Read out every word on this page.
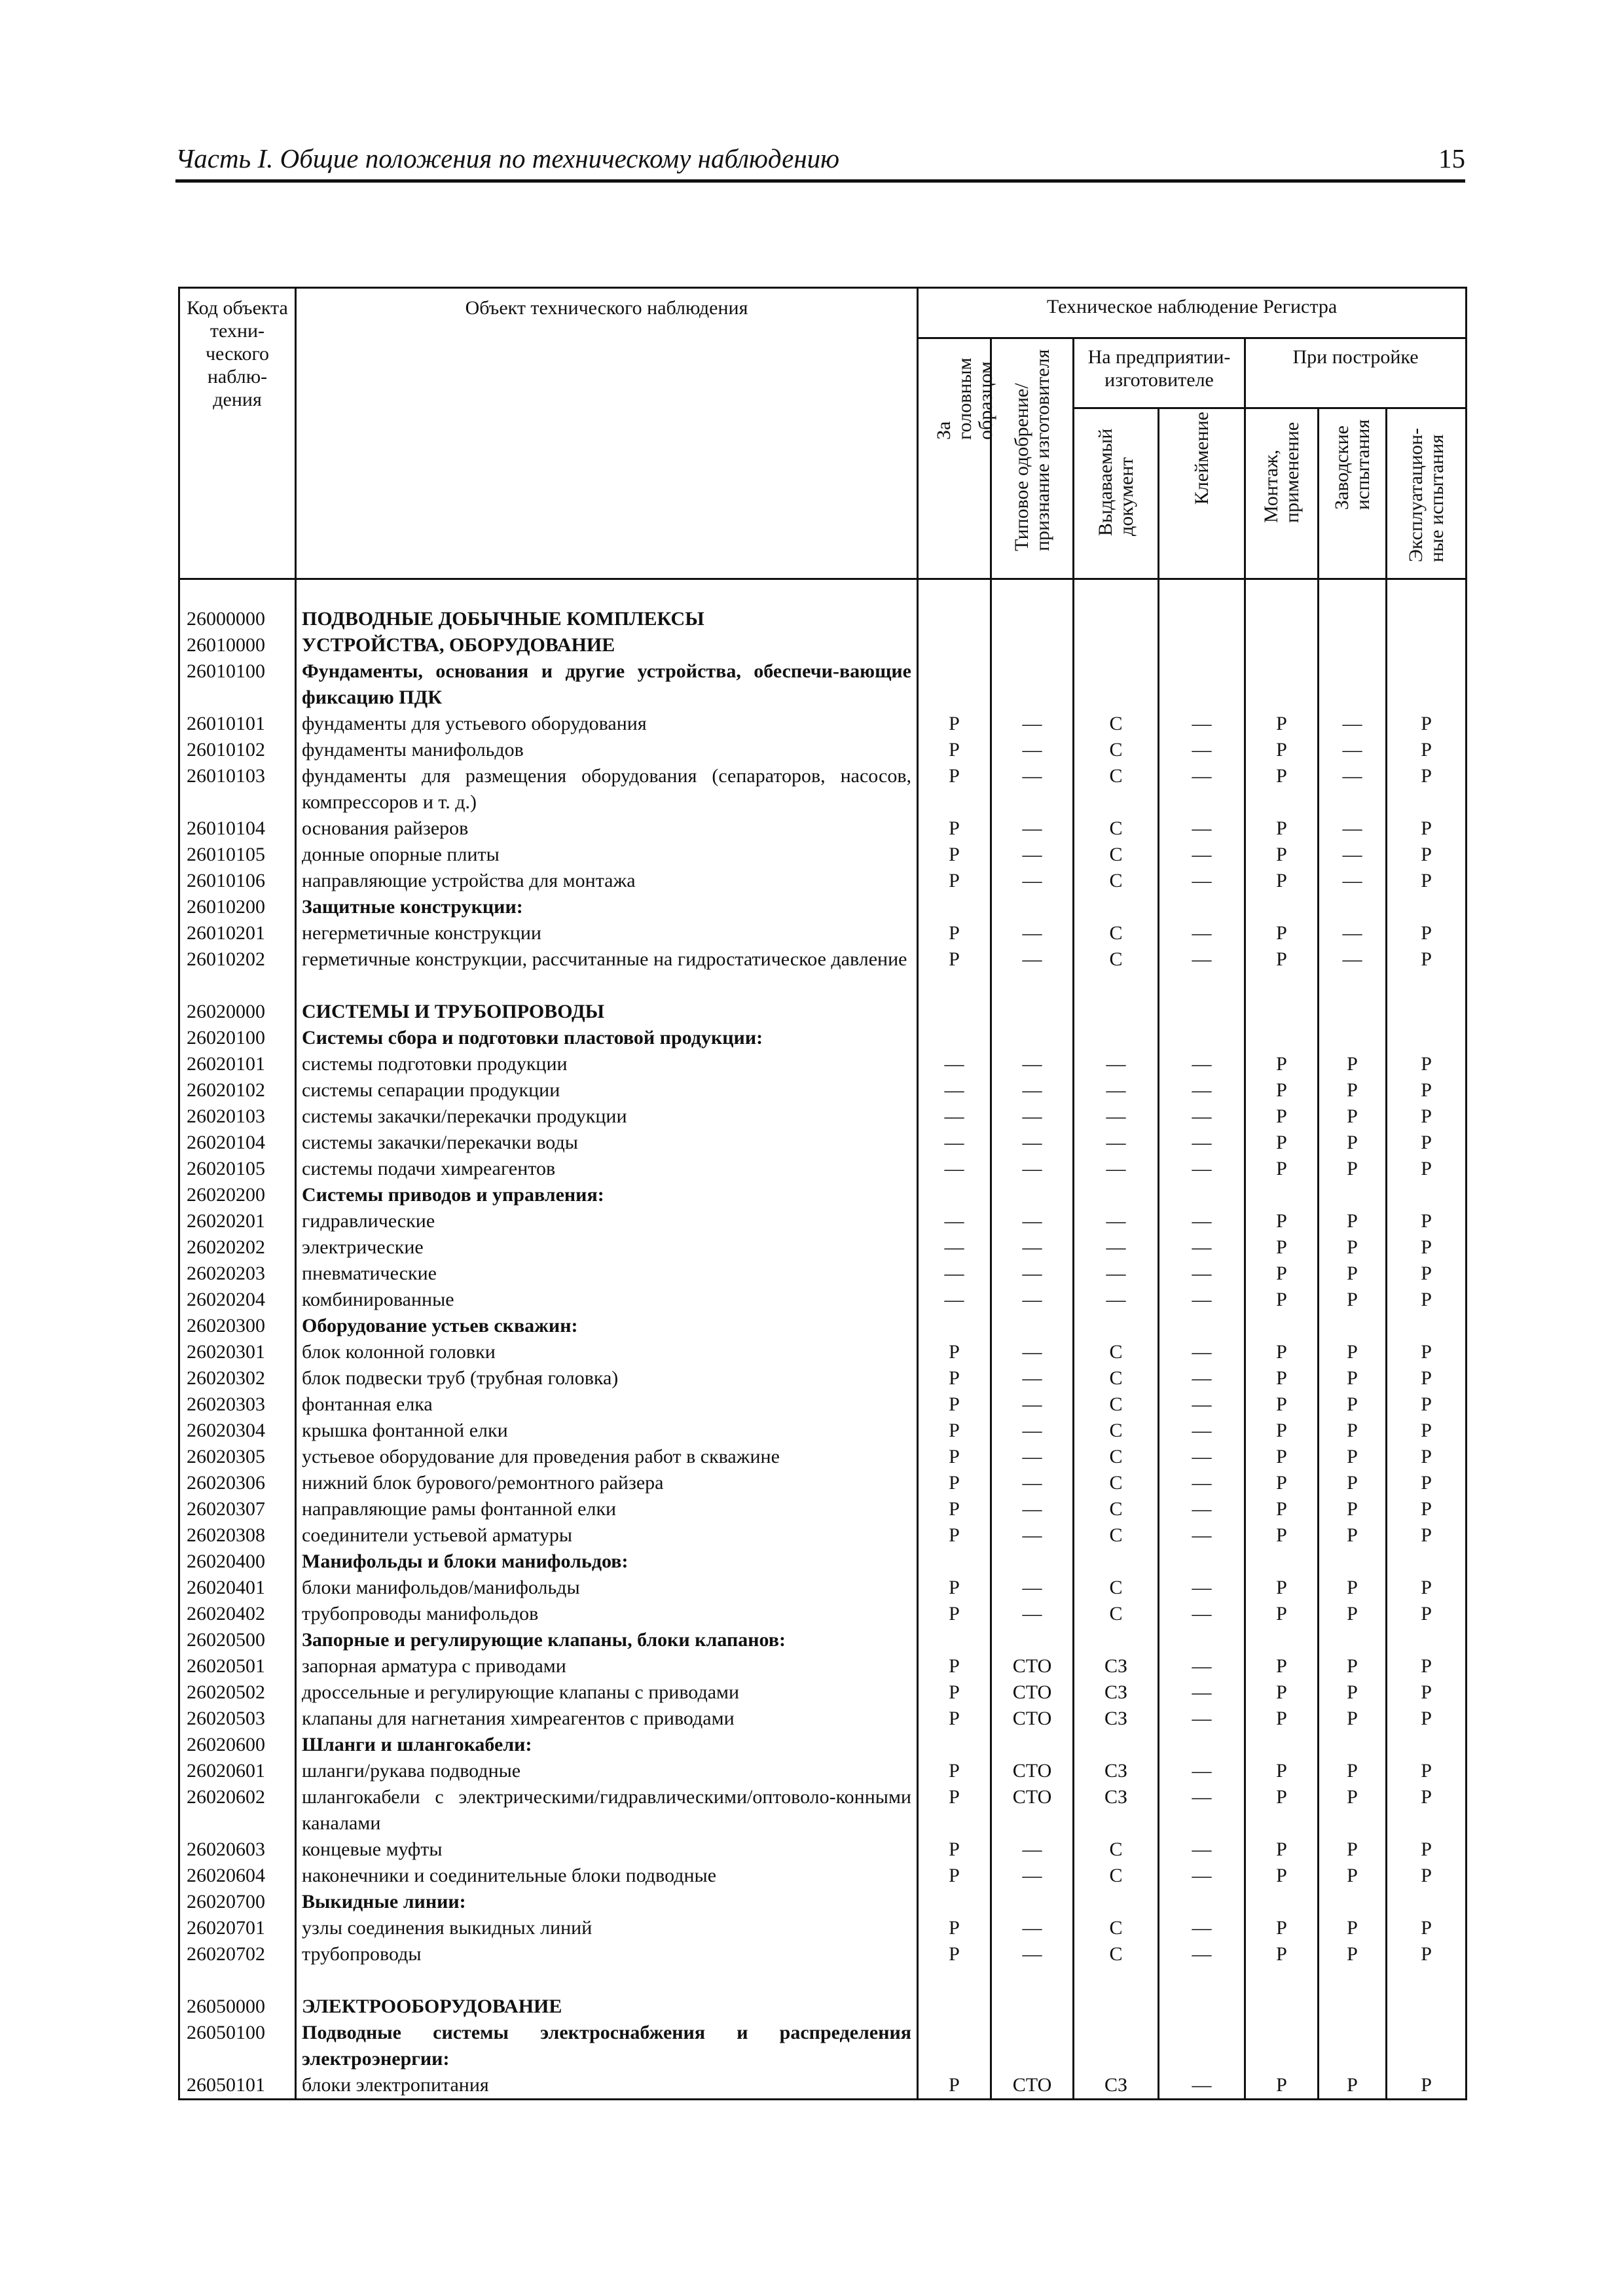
Часть I. Общие положения по техническому наблюдению	15
Код объекта техни-ческого наблю-дения	Объект технического наблюдения	Техническое наблюдение Регистра						
		За головным образцом	Типовое одобрение/ признание изготовителя	На предприятии-изготовителе		При постройке		
				Выдаваемый документ	Клеймение	Монтаж, применение	Заводские испытания	Эксплуатацион-ные испытания

26000000	ПОДВОДНЫЕ ДОБЫЧНЫЕ КОМПЛЕКСЫ							
26010000	УСТРОЙСТВА, ОБОРУДОВАНИЕ							
26010100	Фундаменты, основания и другие устройства, обеспечи-вающие фиксацию ПДК							
26010101	фундаменты для устьевого оборудования	Р	—	С	—	Р	—	Р
26010102	фундаменты манифольдов	Р	—	С	—	Р	—	Р
26010103	фундаменты для размещения оборудования (сепараторов, насосов, компрессоров и т. д.)	Р	—	С	—	Р	—	Р
26010104	основания райзеров	Р	—	С	—	Р	—	Р
26010105	донные опорные плиты	Р	—	С	—	Р	—	Р
26010106	направляющие устройства для монтажа	Р	—	С	—	Р	—	Р
26010200	Защитные конструкции:							
26010201	негерметичные конструкции	Р	—	С	—	Р	—	Р
26010202	герметичные конструкции, рассчитанные на гидростатическое давление	Р	—	С	—	Р	—	Р

26020000	СИСТЕМЫ И ТРУБОПРОВОДЫ							
26020100	Системы сбора и подготовки пластовой продукции:							
26020101	системы подготовки продукции	—	—	—	—	Р	Р	Р
26020102	системы сепарации продукции	—	—	—	—	Р	Р	Р
26020103	системы закачки/перекачки продукции	—	—	—	—	Р	Р	Р
26020104	системы закачки/перекачки воды	—	—	—	—	Р	Р	Р
26020105	системы подачи химреагентов	—	—	—	—	Р	Р	Р
26020200	Системы приводов и управления:							
26020201	гидравлические	—	—	—	—	Р	Р	Р
26020202	электрические	—	—	—	—	Р	Р	Р
26020203	пневматические	—	—	—	—	Р	Р	Р
26020204	комбинированные	—	—	—	—	Р	Р	Р
26020300	Оборудование устьев скважин:							
26020301	блок колонной головки	Р	—	С	—	Р	Р	Р
26020302	блок подвески труб (трубная головка)	Р	—	С	—	Р	Р	Р
26020303	фонтанная елка	Р	—	С	—	Р	Р	Р
26020304	крышка фонтанной елки	Р	—	С	—	Р	Р	Р
26020305	устьевое оборудование для проведения работ в скважине	Р	—	С	—	Р	Р	Р
26020306	нижний блок бурового/ремонтного райзера	Р	—	С	—	Р	Р	Р
26020307	направляющие рамы фонтанной елки	Р	—	С	—	Р	Р	Р
26020308	соединители устьевой арматуры	Р	—	С	—	Р	Р	Р
26020400	Манифольды и блоки манифольдов:							
26020401	блоки манифольдов/манифольды	Р	—	С	—	Р	Р	Р
26020402	трубопроводы манифольдов	Р	—	С	—	Р	Р	Р
26020500	Запорные и регулирующие клапаны, блоки клапанов:							
26020501	запорная арматура с приводами	Р	СТО	СЗ	—	Р	Р	Р
26020502	дроссельные и регулирующие клапаны с приводами	Р	СТО	СЗ	—	Р	Р	Р
26020503	клапаны для нагнетания химреагентов с приводами	Р	СТО	СЗ	—	Р	Р	Р
26020600	Шланги и шлангокабели:							
26020601	шланги/рукава подводные	Р	СТО	СЗ	—	Р	Р	Р
26020602	шлангокабели с электрическими/гидравлическими/оптоволо-конными каналами	Р	СТО	СЗ	—	Р	Р	Р
26020603	концевые муфты	Р	—	С	—	Р	Р	Р
26020604	наконечники и соединительные блоки подводные	Р	—	С	—	Р	Р	Р
26020700	Выкидные линии:							
26020701	узлы соединения выкидных линий	Р	—	С	—	Р	Р	Р
26020702	трубопроводы	Р	—	С	—	Р	Р	Р

26050000	ЭЛЕКТРООБОРУДОВАНИЕ							
26050100	Подводные системы электроснабжения и распределения электроэнергии:							
26050101	блоки электропитания	Р	СТО	СЗ	—	Р	Р	Р
